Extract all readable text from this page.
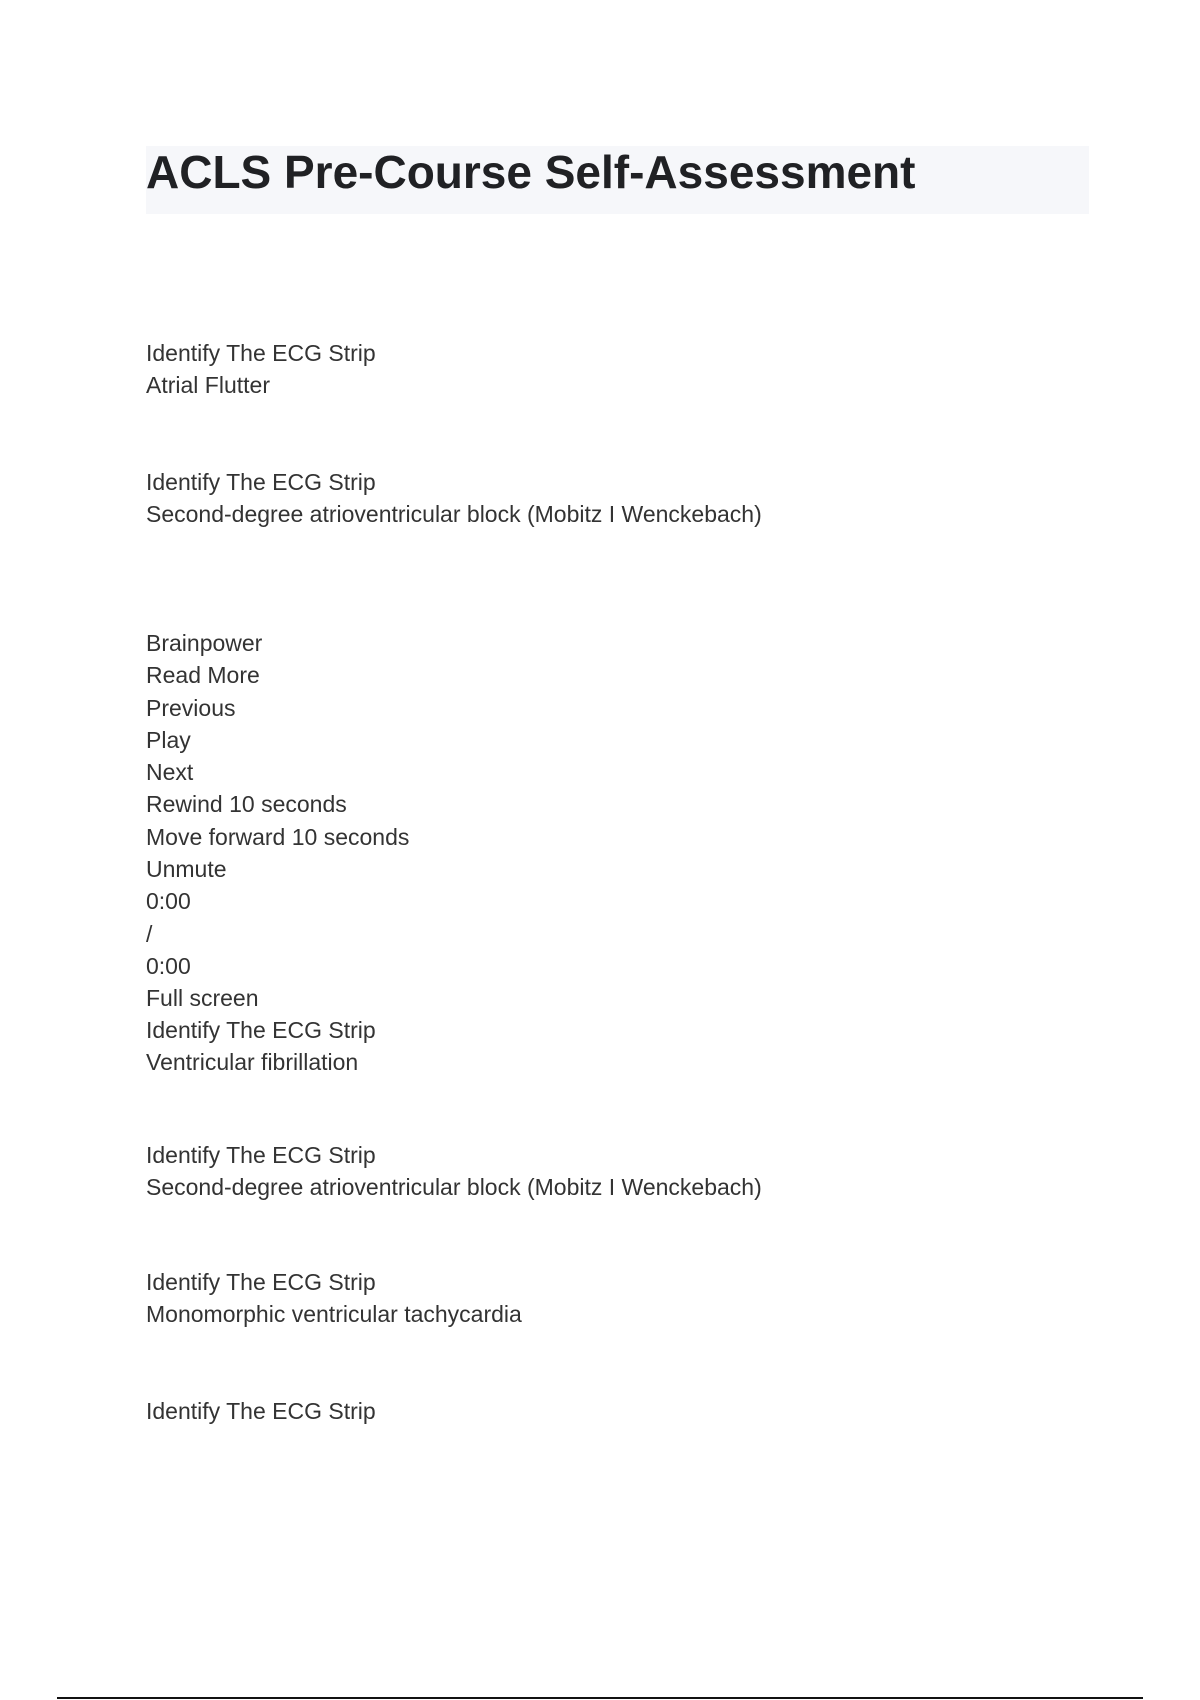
ACLS Pre-Course Self-Assessment
Identify The ECG Strip
Atrial Flutter
Identify The ECG Strip
Second-degree atrioventricular block (Mobitz I Wenckebach)
Brainpower
Read More
Previous
Play
Next
Rewind 10 seconds
Move forward 10 seconds
Unmute
0:00
/
0:00
Full screen
Identify The ECG Strip
Ventricular fibrillation
Identify The ECG Strip
Second-degree atrioventricular block (Mobitz I Wenckebach)
Identify The ECG Strip
Monomorphic ventricular tachycardia
Identify The ECG Strip
